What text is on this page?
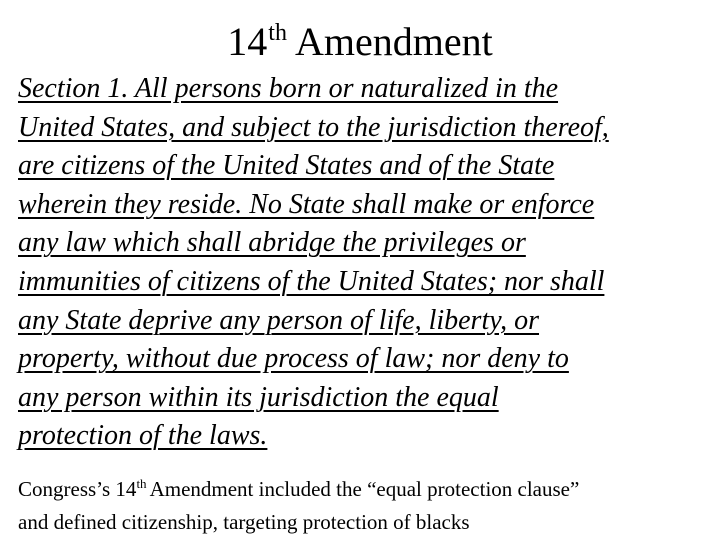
14th Amendment
Section 1. All persons born or naturalized in the
United States, and subject to the jurisdiction thereof,
are citizens of the United States and of the State
wherein they reside. No State shall make or enforce
any law which shall abridge the privileges or
immunities of citizens of the United States; nor shall
any State deprive any person of life, liberty, or
property, without due process of law; nor deny to
any person within its jurisdiction the equal
protection of the laws.
Congress’s 14th Amendment included the “equal protection clause”
and defined citizenship, targeting protection of blacks
